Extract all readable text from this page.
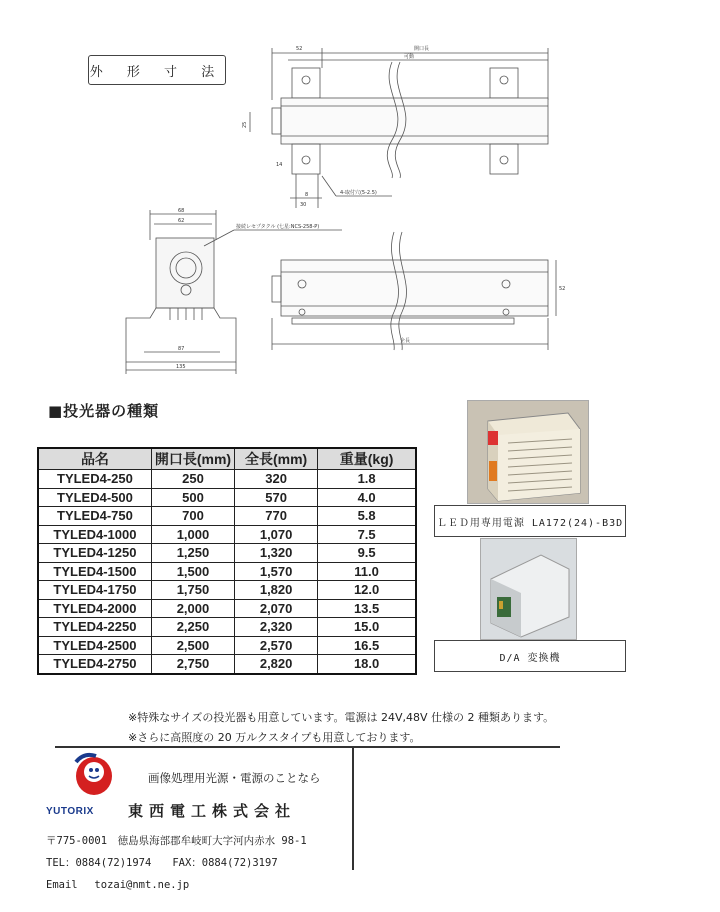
外 形 寸 法
52	開口長
可動
25
14
4-取付穴(5-2.5)
8
30
68
62
接続レセプタクル (七星:NCS-258-P)
87
135
52
全長
■投光器の種類
品名	開口長(mm)	全長(mm)	重量(kg)
TYLED4-250	250	320	1.8
TYLED4-500	500	570	4.0
TYLED4-750	700	770	5.8
TYLED4-1000	1,000	1,070	7.5
TYLED4-1250	1,250	1,320	9.5
TYLED4-1500	1,500	1,570	11.0
TYLED4-1750	1,750	1,820	12.0
TYLED4-2000	2,000	2,070	13.5
TYLED4-2250	2,250	2,320	15.0
TYLED4-2500	2,500	2,570	16.5
TYLED4-2750	2,750	2,820	18.0
ＬＥＤ用専用電源 LA172(24)-B3D
D/A 変換機
※特殊なサイズの投光器も用意しています。電源は 24V,48V 仕様の 2 種類あります。
※さらに高照度の 20 万ルクスタイプも用意しております。
YUTORIX
画像処理用光源・電源のことなら
東西電工株式会社
〒775-0001　徳島県海部郡牟岐町大字河内赤水 98-1
TEL：0884(72)1974　　FAX：0884(72)3197
Email　 tozai@nmt.ne.jp
